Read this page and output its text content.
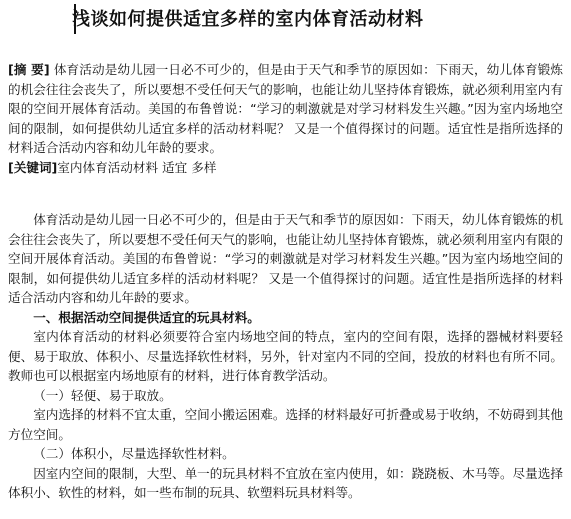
浅谈如何提供适宜多样的室内体育活动材料

[摘 要] 体育活动是幼儿园一日必不可少的，但是由于天气和季节的原因如：下雨天，幼儿体育锻炼的机会往往会丧失了，所以要想不受任何天气的影响，也能让幼儿坚持体育锻炼，就必须利用室内有限的空间开展体育活动。美国的布鲁曾说：“学习的刺激就是对学习材料发生兴趣。”因为室内场地空间的限制，如何提供幼儿适宜多样的活动材料呢？ 又是一个值得探讨的问题。适宜性是指所选择的材料适合活动内容和幼儿年龄的要求。

[关键词]室内体育活动材料 适宜 多样

体育活动是幼儿园一日必不可少的，但是由于天气和季节的原因如：下雨天，幼儿体育锻炼的机会往往会丧失了，所以要想不受任何天气的影响，也能让幼儿坚持体育锻炼，就必须利用室内有限的空间开展体育活动。美国的布鲁曾说：“学习的刺激就是对学习材料发生兴趣。”因为室内场地空间的限制，如何提供幼儿适宜多样的活动材料呢？ 又是一个值得探讨的问题。适宜性是指所选择的材料适合活动内容和幼儿年龄的要求。

一、根据活动空间提供适宜的玩具材料。

室内体育活动的材料必须要符合室内场地空间的特点，室内的空间有限，选择的器械材料要轻便、易于取放、体积小、尽量选择软性材料，另外，针对室内不同的空间，投放的材料也有所不同。教师也可以根据室内场地原有的材料，进行体育教学活动。

（一）轻便、易于取放。

室内选择的材料不宜太重，空间小搬运困难。选择的材料最好可折叠或易于收纳，不妨碍到其他方位空间。

（二）体积小，尽量选择软性材料。

因室内空间的限制，大型、单一的玩具材料不宜放在室内使用，如：跷跷板、木马等。尽量选择体积小、软性的材料，如一些布制的玩具、软塑料玩具材料等。
